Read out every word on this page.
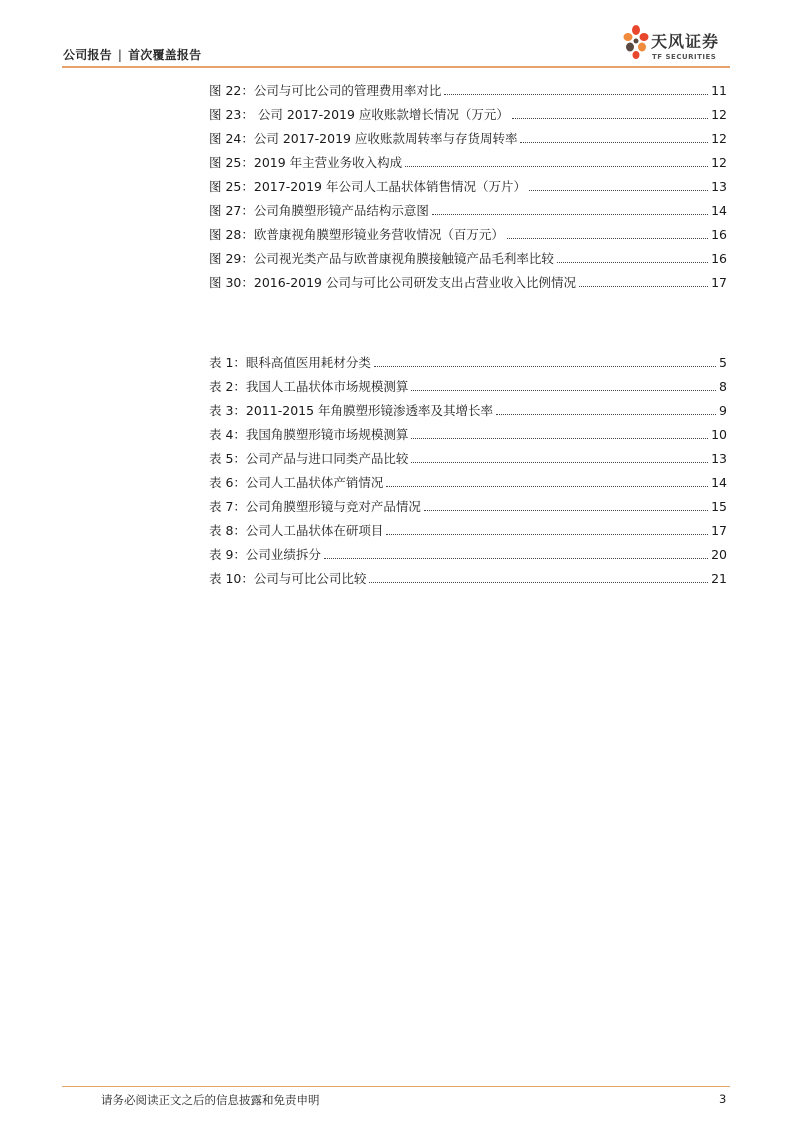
公司报告 | 首次覆盖报告
天风证券
TF SECURITIES
图 22：公司与可比公司的管理费用率对比	11
图 23： 公司 2017-2019 应收账款增长情况（万元）	12
图 24：公司 2017-2019 应收账款周转率与存货周转率	12
图 25：2019 年主营业务收入构成	12
图 25：2017-2019 年公司人工晶状体销售情况（万片）	13
图 27：公司角膜塑形镜产品结构示意图	14
图 28：欧普康视角膜塑形镜业务营收情况（百万元）	16
图 29：公司视光类产品与欧普康视角膜接触镜产品毛利率比较	16
图 30：2016-2019 公司与可比公司研发支出占营业收入比例情况	17
表 1：眼科高值医用耗材分类	5
表 2：我国人工晶状体市场规模测算	8
表 3：2011-2015 年角膜塑形镜渗透率及其增长率	9
表 4：我国角膜塑形镜市场规模测算	10
表 5：公司产品与进口同类产品比较	13
表 6：公司人工晶状体产销情况	14
表 7：公司角膜塑形镜与竞对产品情况	15
表 8：公司人工晶状体在研项目	17
表 9：公司业绩拆分	20
表 10：公司与可比公司比较	21
请务必阅读正文之后的信息披露和免责申明	3
